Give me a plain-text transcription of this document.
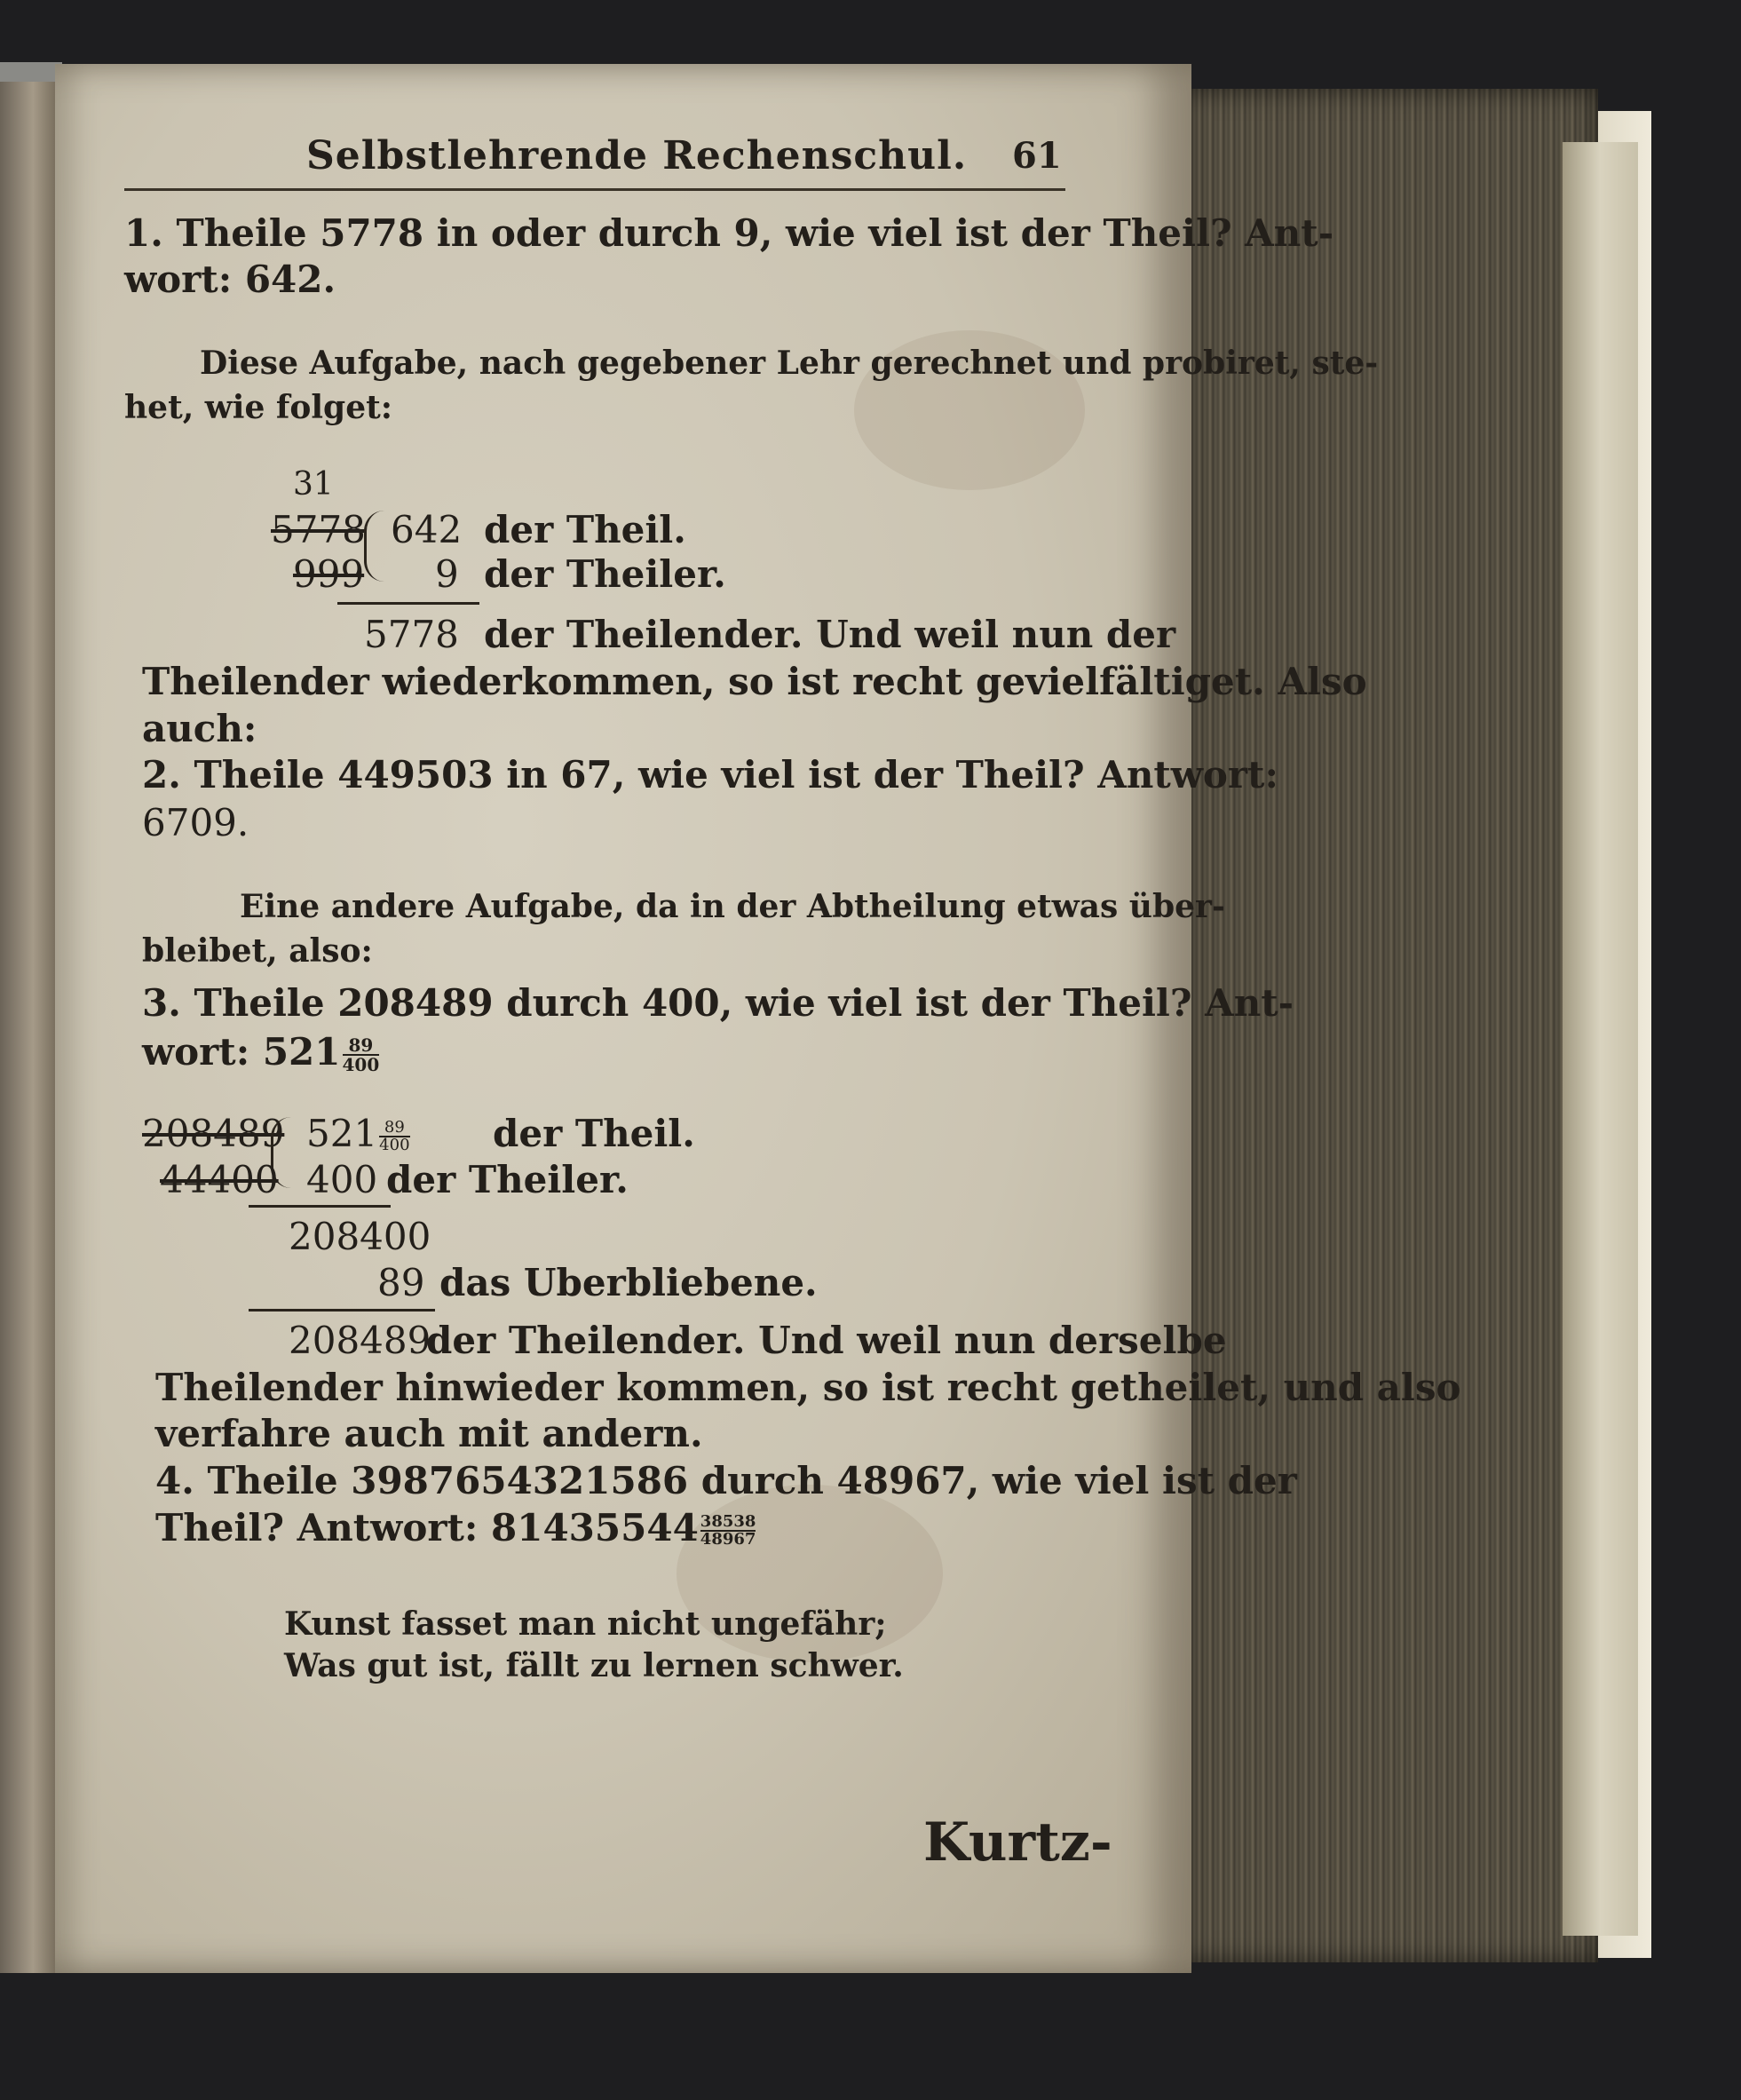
Selbstlehrende Rechenschul. 61
1. Theile 5778 in oder durch 9, wie viel ist der Theil? Ant-
wort: 642.
Diese Aufgabe, nach gegebener Lehr gerechnet und probiret, ste-
het, wie folget:
31
5778 642 der Theil.
999 9 der Theiler.
5778 der Theilender. Und weil nun der
Theilender wiederkommen, so ist recht gevielfältiget. Also
auch:
2. Theile 449503 in 67, wie viel ist der Theil? Antwort:
6709.
Eine andere Aufgabe, da in der Abtheilung etwas über-
bleibet, also:
3. Theile 208489 durch 400, wie viel ist der Theil? Ant-
wort: $521 \frac{89}{400}$
208489 $521 \frac{89}{400}$ der Theil.
44400 400 der Theiler.
208400
89 das Uberbliebene.
208489
der Theilender. Und weil nun derselbe
Theilender hinwieder kommen, so ist recht getheilet, und also
verfahre auch mit andern.
4. Theile 3987654321586 durch 48967, wie viel ist der
Theil? Antwort: $81435544 \frac{38538}{48967}$
Kunst fasset man nicht ungefähr;
Was gut ist, fällt zu lernen schwer.
Kurtz-
